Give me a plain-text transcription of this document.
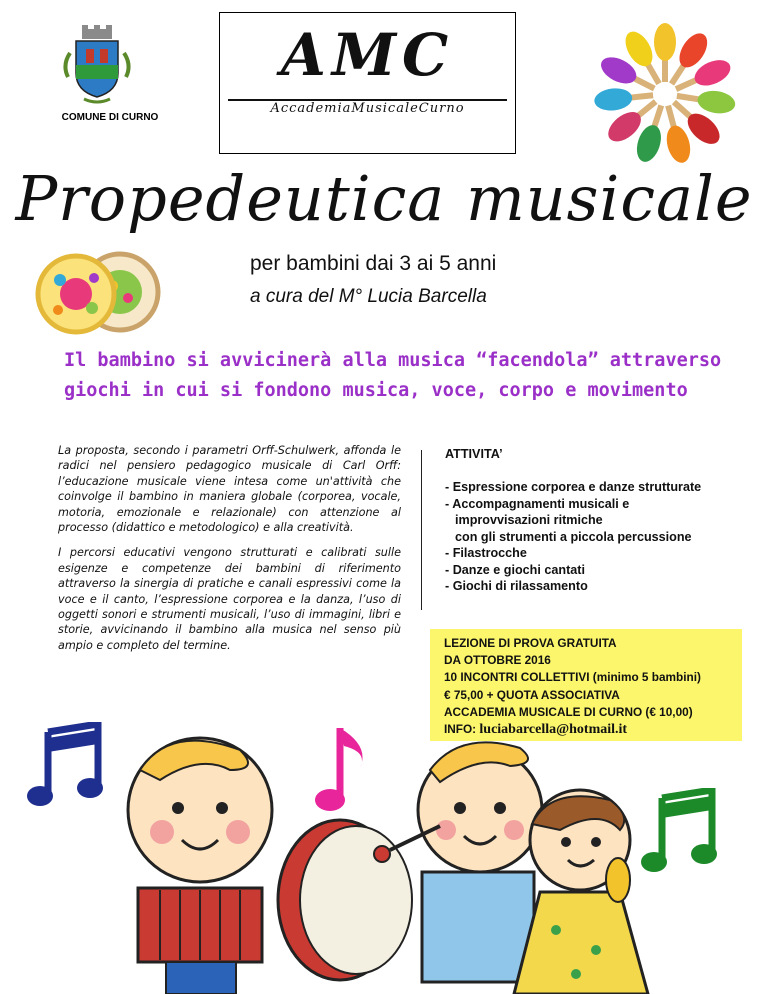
COMUNE DI CURNO
AMC
AccademiaMusicaleCurno
Propedeutica musicale
per bambini dai 3 ai 5 anni
a cura del M° Lucia Barcella
Il bambino si avvicinerà alla musica “facendola” attraverso
giochi in cui si fondono musica, voce, corpo e movimento

La proposta, secondo i parametri Orff-Schulwerk, affonda le radici nel pensiero pedagogico musicale di Carl Orff: l’educazione musicale viene intesa come un'attività che coinvolge il bambino in maniera globale (corporea, vocale, motoria, emozionale e relazionale) con attenzione al processo (didattico e metodologico) e alla creatività.

I percorsi educativi vengono strutturati e calibrati sulle esigenze e competenze dei bambini di riferimento attraverso la sinergia di pratiche e canali espressivi come la voce e il canto, l’espressione corporea e la danza, l’uso di oggetti sonori e strumenti musicali, l’uso di immagini, libri e storie, avvicinando il bambino alla musica nel senso più ampio e completo del termine.

ATTIVITA’
- Espressione corporea e danze strutturate
- Accompagnamenti musicali e
improvvisazioni ritmiche
con gli strumenti a piccola percussione
- Filastrocche
- Danze e giochi cantati
- Giochi di rilassamento
LEZIONE DI PROVA GRATUITA
DA OTTOBRE 2016
10 INCONTRI COLLETTIVI (minimo 5 bambini)
€ 75,00 + QUOTA ASSOCIATIVA
ACCADEMIA MUSICALE DI CURNO (€ 10,00)
INFO: luciabarcella@hotmail.it
